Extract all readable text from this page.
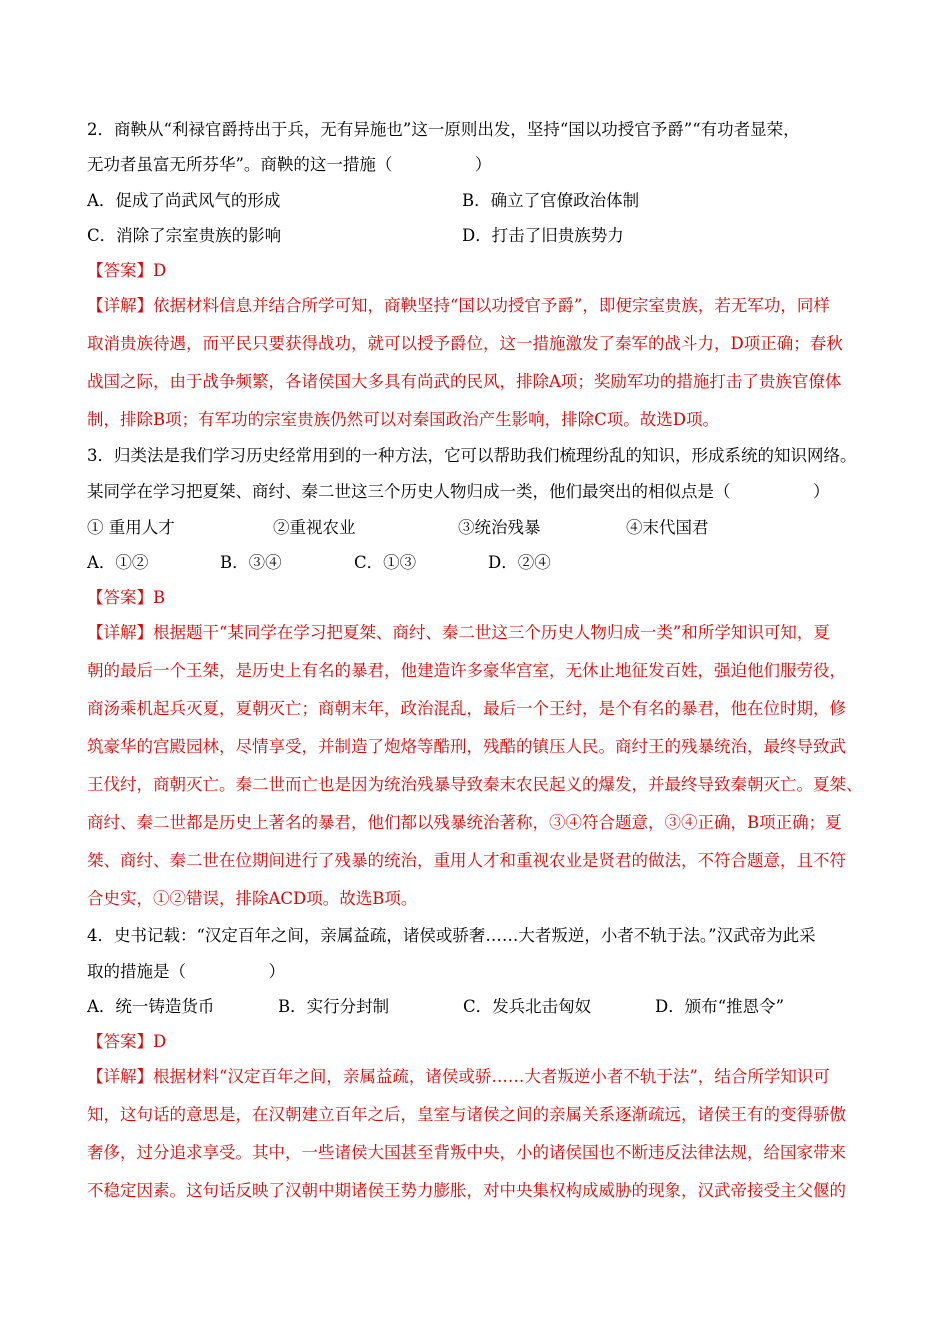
2．商鞅从“利禄官爵持出于兵，无有异施也”这一原则出发，坚持“国以功授官予爵”“有功者显荣，
无功者虽富无所芬华”。商鞅的这一措施（　　　　　）
A．促成了尚武风气的形成	B．确立了官僚政治体制
C．消除了宗室贵族的影响	D．打击了旧贵族势力
【答案】D
【详解】依据材料信息并结合所学可知，商鞅坚持“国以功授官予爵”，即便宗室贵族，若无军功，同样
取消贵族待遇，而平民只要获得战功，就可以授予爵位，这一措施激发了秦军的战斗力，D项正确；春秋
战国之际，由于战争频繁，各诸侯国大多具有尚武的民风，排除A项；奖励军功的措施打击了贵族官僚体
制，排除B项；有军功的宗室贵族仍然可以对秦国政治产生影响，排除C项。故选D项。
3．归类法是我们学习历史经常用到的一种方法，它可以帮助我们梳理纷乱的知识，形成系统的知识网络。
某同学在学习把夏桀、商纣、秦二世这三个历史人物归成一类，他们最突出的相似点是（　　　　　）
① 重用人才	②重视农业	③统治残暴	④末代国君
A．①②	B．③④	C．①③	D．②④
【答案】B
【详解】根据题干“某同学在学习把夏桀、商纣、秦二世这三个历史人物归成一类”和所学知识可知，夏
朝的最后一个王桀，是历史上有名的暴君，他建造许多豪华宫室，无休止地征发百姓，强迫他们服劳役，
商汤乘机起兵灭夏，夏朝灭亡；商朝末年，政治混乱，最后一个王纣，是个有名的暴君，他在位时期，修
筑豪华的宫殿园林，尽情享受，并制造了炮烙等酷刑，残酷的镇压人民。商纣王的残暴统治，最终导致武
王伐纣，商朝灭亡。秦二世而亡也是因为统治残暴导致秦末农民起义的爆发，并最终导致秦朝灭亡。夏桀、
商纣、秦二世都是历史上著名的暴君，他们都以残暴统治著称，③④符合题意，③④正确，B项正确；夏
桀、商纣、秦二世在位期间进行了残暴的统治，重用人才和重视农业是贤君的做法，不符合题意，且不符
合史实，①②错误，排除ACD项。故选B项。
4．史书记载：“汉定百年之间，亲属益疏，诸侯或骄奢……大者叛逆，小者不轨于法。”汉武帝为此采
取的措施是（　　　　　）
A．统一铸造货币	B．实行分封制	C．发兵北击匈奴	D．颁布“推恩令”
【答案】D
【详解】根据材料“汉定百年之间，亲属益疏，诸侯或骄……大者叛逆小者不轨于法”，结合所学知识可
知，这句话的意思是，在汉朝建立百年之后，皇室与诸侯之间的亲属关系逐渐疏远，诸侯王有的变得骄傲
奢侈，过分追求享受。其中，一些诸侯大国甚至背叛中央，小的诸侯国也不断违反法律法规，给国家带来
不稳定因素。这句话反映了汉朝中期诸侯王势力膨胀，对中央集权构成威胁的现象，汉武帝接受主父偃的
